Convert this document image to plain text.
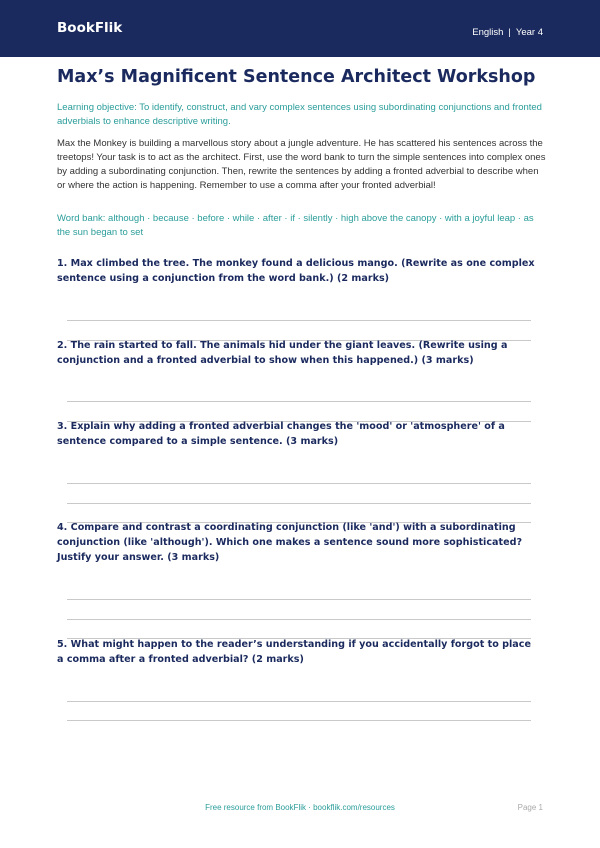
BookFlik	English | Year 4
Max’s Magnificent Sentence Architect Workshop

Learning objective: To identify, construct, and vary complex sentences using subordinating conjunctions and fronted adverbials to enhance descriptive writing.

Max the Monkey is building a marvellous story about a jungle adventure. He has scattered his sentences across the treetops! Your task is to act as the architect. First, use the word bank to turn the simple sentences into complex ones by adding a subordinating conjunction. Then, rewrite the sentences by adding a fronted adverbial to describe when or where the action is happening. Remember to use a comma after your fronted adverbial!

Word bank: although · because · before · while · after · if · silently · high above the canopy · with a joyful leap · as the sun began to set

1. Max climbed the tree. The monkey found a delicious mango. (Rewrite as one complex sentence using a conjunction from the word bank.) (2 marks)
2. The rain started to fall. The animals hid under the giant leaves. (Rewrite using a conjunction and a fronted adverbial to show when this happened.) (3 marks)
3. Explain why adding a fronted adverbial changes the 'mood' or 'atmosphere' of a sentence compared to a simple sentence. (3 marks)
4. Compare and contrast a coordinating conjunction (like 'and') with a subordinating conjunction (like 'although'). Which one makes a sentence sound more sophisticated? Justify your answer. (3 marks)
5. What might happen to the reader’s understanding if you accidentally forgot to place a comma after a fronted adverbial? (2 marks)
Free resource from BookFlik · bookflik.com/resources	Page 1
